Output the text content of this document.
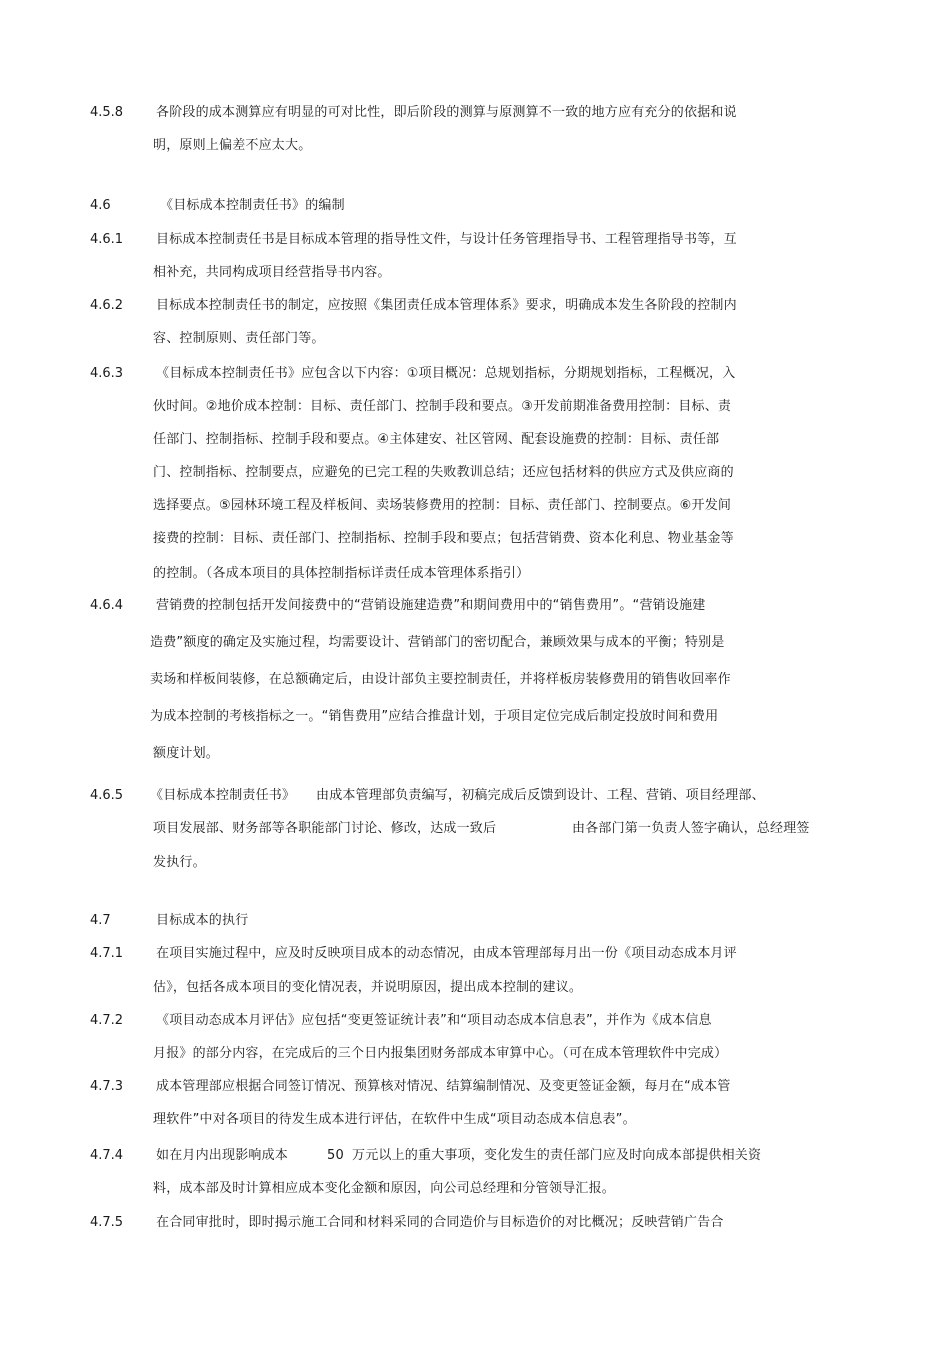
4.5.8	各阶段的成本测算应有明显的可对比性，即后阶段的测算与原测算不一致的地方应有充分的依据和说
明，原则上偏差不应太大。
4.6	《目标成本控制责任书》的编制
4.6.1	目标成本控制责任书是目标成本管理的指导性文件，与设计任务管理指导书、工程管理指导书等，互
相补充，共同构成项目经营指导书内容。
4.6.2	目标成本控制责任书的制定，应按照《集团责任成本管理体系》要求，明确成本发生各阶段的控制内
容、控制原则、责任部门等。
4.6.3	《目标成本控制责任书》应包含以下内容：①项目概况：总规划指标，分期规划指标，工程概况，入
伙时间。②地价成本控制：目标、责任部门、控制手段和要点。③开发前期准备费用控制：目标、责
任部门、控制指标、控制手段和要点。④主体建安、社区管网、配套设施费的控制：目标、责任部
门、控制指标、控制要点，应避免的已完工程的失败教训总结；还应包括材料的供应方式及供应商的
选择要点。⑤园林环境工程及样板间、卖场装修费用的控制：目标、责任部门、控制要点。⑥开发间
接费的控制：目标、责任部门、控制指标、控制手段和要点；包括营销费、资本化利息、物业基金等
的控制。（各成本项目的具体控制指标详责任成本管理体系指引）
4.6.4	营销费的控制包括开发间接费中的“营销设施建造费”和期间费用中的“销售费用”。“营销设施建
造费”额度的确定及实施过程，均需要设计、营销部门的密切配合，兼顾效果与成本的平衡；特别是
卖场和样板间装修，在总额确定后，由设计部负主要控制责任，并将样板房装修费用的销售收回率作
为成本控制的考核指标之一。“销售费用”应结合推盘计划，于项目定位完成后制定投放时间和费用
额度计划。
4.6.5 《目标成本控制责任书》 由成本管理部负责编写，初稿完成后反馈到设计、工程、营销、项目经理部、
项目发展部、财务部等各职能部门讨论、修改，达成一致后	由各部门第一负责人签字确认，总经理签
发执行。
4.7	目标成本的执行
4.7.1	在项目实施过程中，应及时反映项目成本的动态情况，由成本管理部每月出一份《项目动态成本月评
估》，包括各成本项目的变化情况表，并说明原因，提出成本控制的建议。
4.7.2	《项目动态成本月评估》应包括“变更签证统计表”和“项目动态成本信息表”，并作为《成本信息
月报》的部分内容，在完成后的三个日内报集团财务部成本审算中心。（可在成本管理软件中完成）
4.7.3	成本管理部应根据合同签订情况、预算核对情况、结算编制情况、及变更签证金额，每月在“成本管
理软件”中对各项目的待发生成本进行评估，在软件中生成“项目动态成本信息表”。
4.7.4	如在月内出现影响成本	50 万元以上的重大事项，变化发生的责任部门应及时向成本部提供相关资
料，成本部及时计算相应成本变化金额和原因，向公司总经理和分管领导汇报。
4.7.5	在合同审批时，即时揭示施工合同和材料采同的合同造价与目标造价的对比概况；反映营销广告合
